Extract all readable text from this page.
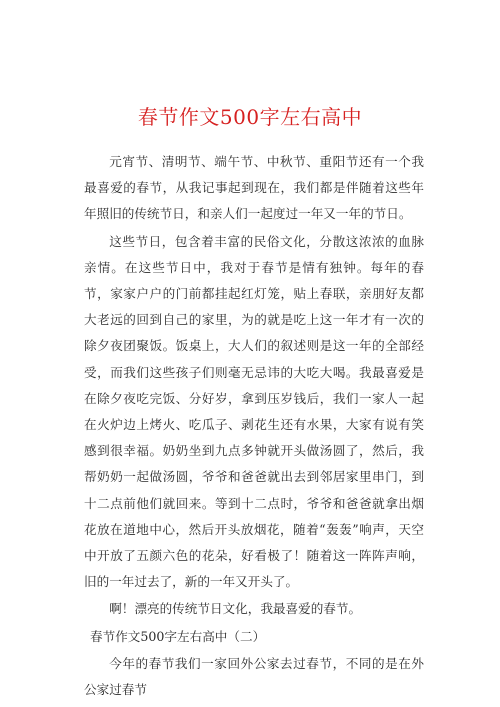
春节作文500字左右高中

元宵节、清明节、端午节、中秋节、重阳节还有一个我最喜爱的春节，从我记事起到现在，我们都是伴随着这些年年照旧的传统节日，和亲人们一起度过一年又一年的节日。

这些节日，包含着丰富的民俗文化，分散这浓浓的血脉亲情。在这些节日中，我对于春节是情有独钟。每年的春节，家家户户的门前都挂起红灯笼，贴上春联，亲朋好友都大老远的回到自己的家里，为的就是吃上这一年才有一次的除夕夜团聚饭。饭桌上，大人们的叙述则是这一年的全部经受，而我们这些孩子们则毫无忌讳的大吃大喝。我最喜爱是在除夕夜吃完饭、分好岁，拿到压岁钱后，我们一家人一起在火炉边上烤火、吃瓜子、剥花生还有水果，大家有说有笑感到很幸福。奶奶坐到九点多钟就开头做汤圆了，然后，我帮奶奶一起做汤圆，爷爷和爸爸就出去到邻居家里串门，到十二点前他们就回来。等到十二点时，爷爷和爸爸就拿出烟花放在道地中心，然后开头放烟花，随着“轰轰”响声，天空中开放了五颜六色的花朵，好看极了！随着这一阵阵声响，旧的一年过去了，新的一年又开头了。

啊！漂亮的传统节日文化，我最喜爱的春节。

春节作文500字左右高中（二）

今年的春节我们一家回外公家去过春节，不同的是在外公家过春节
